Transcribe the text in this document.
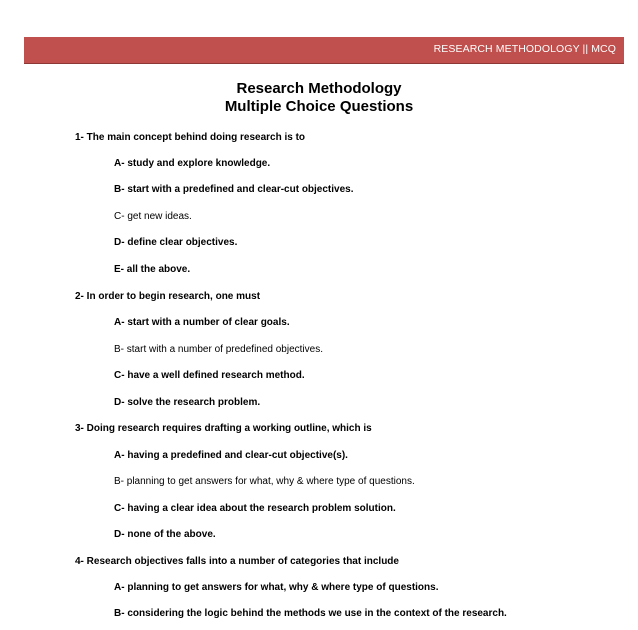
RESEARCH METHODOLOGY || MCQ
Research Methodology
Multiple Choice Questions
1- The main concept behind doing research is to
A- study and explore knowledge.
B- start with a predefined and clear-cut objectives.
C- get new ideas.
D- define clear objectives.
E- all the above.
2- In order to begin research, one must
A- start with a number of clear goals.
B- start with a number of predefined objectives.
C- have a well defined research method.
D- solve the research problem.
3- Doing research requires drafting a working outline, which is
A- having a predefined and clear-cut objective(s).
B- planning to get answers for what, why & where type of questions.
C- having a clear idea about the research problem solution.
D- none of the above.
4- Research objectives falls into a number of categories that include
A- planning to get answers for what, why & where type of questions.
B- considering the logic behind the methods we use in the context of the research.
